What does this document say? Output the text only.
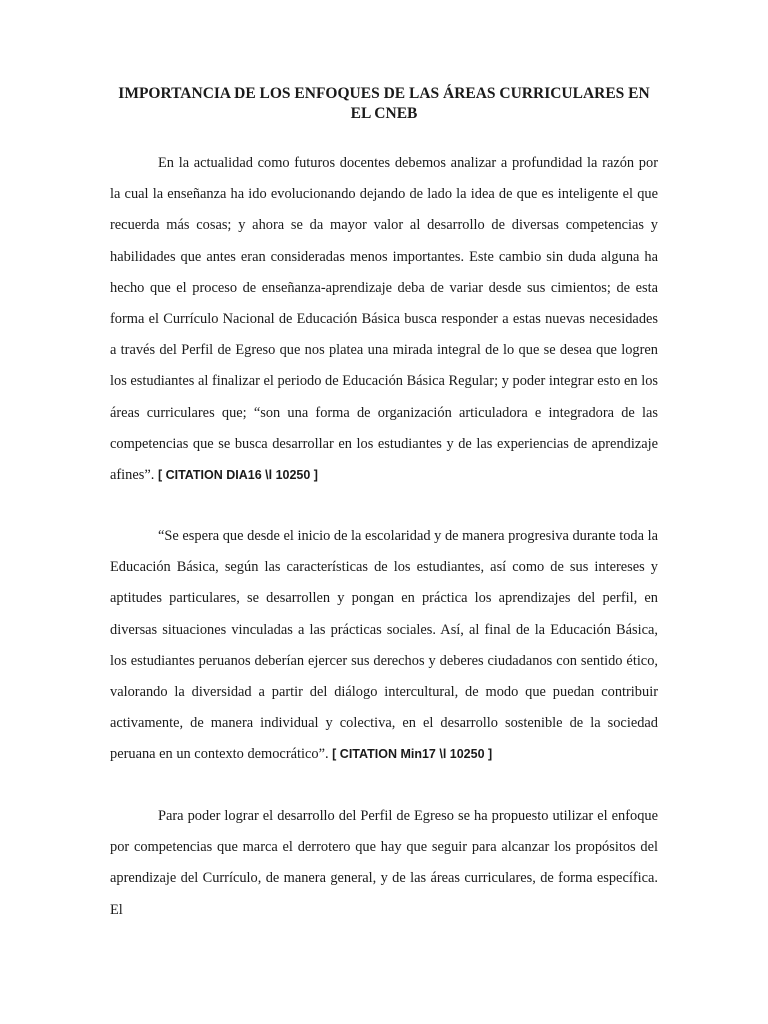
IMPORTANCIA DE LOS ENFOQUES DE LAS ÁREAS CURRICULARES EN EL CNEB

En la actualidad como futuros docentes debemos analizar a profundidad la razón por la cual la enseñanza ha ido evolucionando dejando de lado la idea de que es inteligente el que recuerda más cosas; y ahora se da mayor valor al desarrollo de diversas competencias y habilidades que antes eran consideradas menos importantes. Este cambio sin duda alguna ha hecho que el proceso de enseñanza-aprendizaje deba de variar desde sus cimientos; de esta forma el Currículo Nacional de Educación Básica busca responder a estas nuevas necesidades a través del Perfil de Egreso que nos platea una mirada integral de lo que se desea que logren los estudiantes al finalizar el periodo de Educación Básica Regular; y poder integrar esto en los áreas curriculares que; “son una forma de organización articuladora e integradora de las competencias que se busca desarrollar en los estudiantes y de las experiencias de aprendizaje afines”. [ CITATION DIA16 \l 10250 ]

“Se espera que desde el inicio de la escolaridad y de manera progresiva durante toda la Educación Básica, según las características de los estudiantes, así como de sus intereses y aptitudes particulares, se desarrollen y pongan en práctica los aprendizajes del perfil, en diversas situaciones vinculadas a las prácticas sociales. Así, al final de la Educación Básica, los estudiantes peruanos deberían ejercer sus derechos y deberes ciudadanos con sentido ético, valorando la diversidad a partir del diálogo intercultural, de modo que puedan contribuir activamente, de manera individual y colectiva, en el desarrollo sostenible de la sociedad peruana en un contexto democrático”. [ CITATION Min17 \l 10250 ]

Para poder lograr el desarrollo del Perfil de Egreso se ha propuesto utilizar el enfoque por competencias que marca el derrotero que hay que seguir para alcanzar los propósitos del aprendizaje del Currículo, de manera general, y de las áreas curriculares, de forma específica. El
